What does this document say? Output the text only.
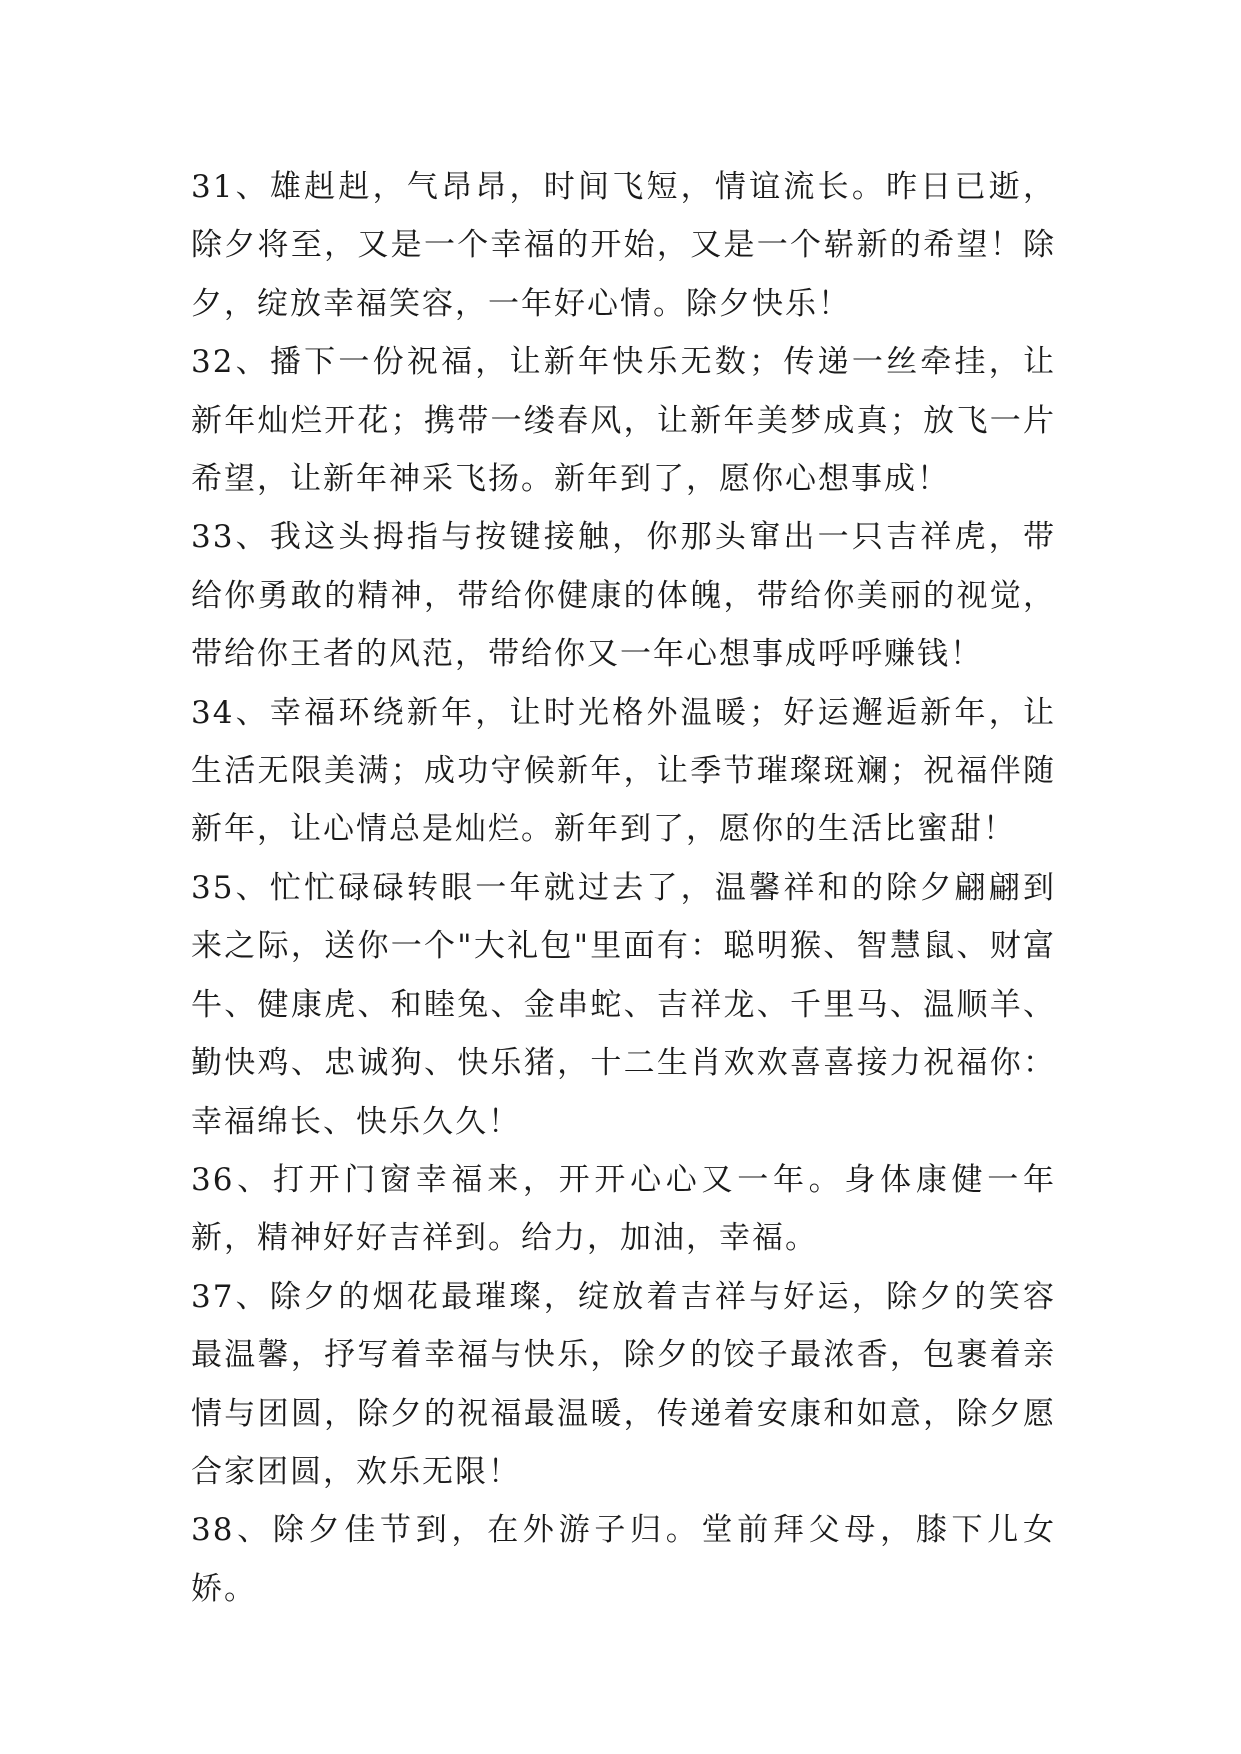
31、雄赳赳，气昂昂，时间飞短，情谊流长。昨日已逝，除夕将至，又是一个幸福的开始，又是一个崭新的希望！除夕，绽放幸福笑容，一年好心情。除夕快乐！

32、播下一份祝福，让新年快乐无数；传递一丝牵挂，让新年灿烂开花；携带一缕春风，让新年美梦成真；放飞一片希望，让新年神采飞扬。新年到了，愿你心想事成！

33、我这头拇指与按键接触，你那头窜出一只吉祥虎，带给你勇敢的精神，带给你健康的体魄，带给你美丽的视觉，带给你王者的风范，带给你又一年心想事成呼呼赚钱！

34、幸福环绕新年，让时光格外温暖；好运邂逅新年，让生活无限美满；成功守候新年，让季节璀璨斑斓；祝福伴随新年，让心情总是灿烂。新年到了，愿你的生活比蜜甜！

35、忙忙碌碌转眼一年就过去了，温馨祥和的除夕翩翩到来之际，送你一个"大礼包"里面有：聪明猴、智慧鼠、财富牛、健康虎、和睦兔、金串蛇、吉祥龙、千里马、温顺羊、勤快鸡、忠诚狗、快乐猪，十二生肖欢欢喜喜接力祝福你：幸福绵长、快乐久久！

36、打开门窗幸福来，开开心心又一年。身体康健一年新，精神好好吉祥到。给力，加油，幸福。

37、除夕的烟花最璀璨，绽放着吉祥与好运，除夕的笑容最温馨，抒写着幸福与快乐，除夕的饺子最浓香，包裹着亲情与团圆，除夕的祝福最温暖，传递着安康和如意，除夕愿合家团圆，欢乐无限！

38、除夕佳节到，在外游子归。堂前拜父母，膝下儿女娇。
